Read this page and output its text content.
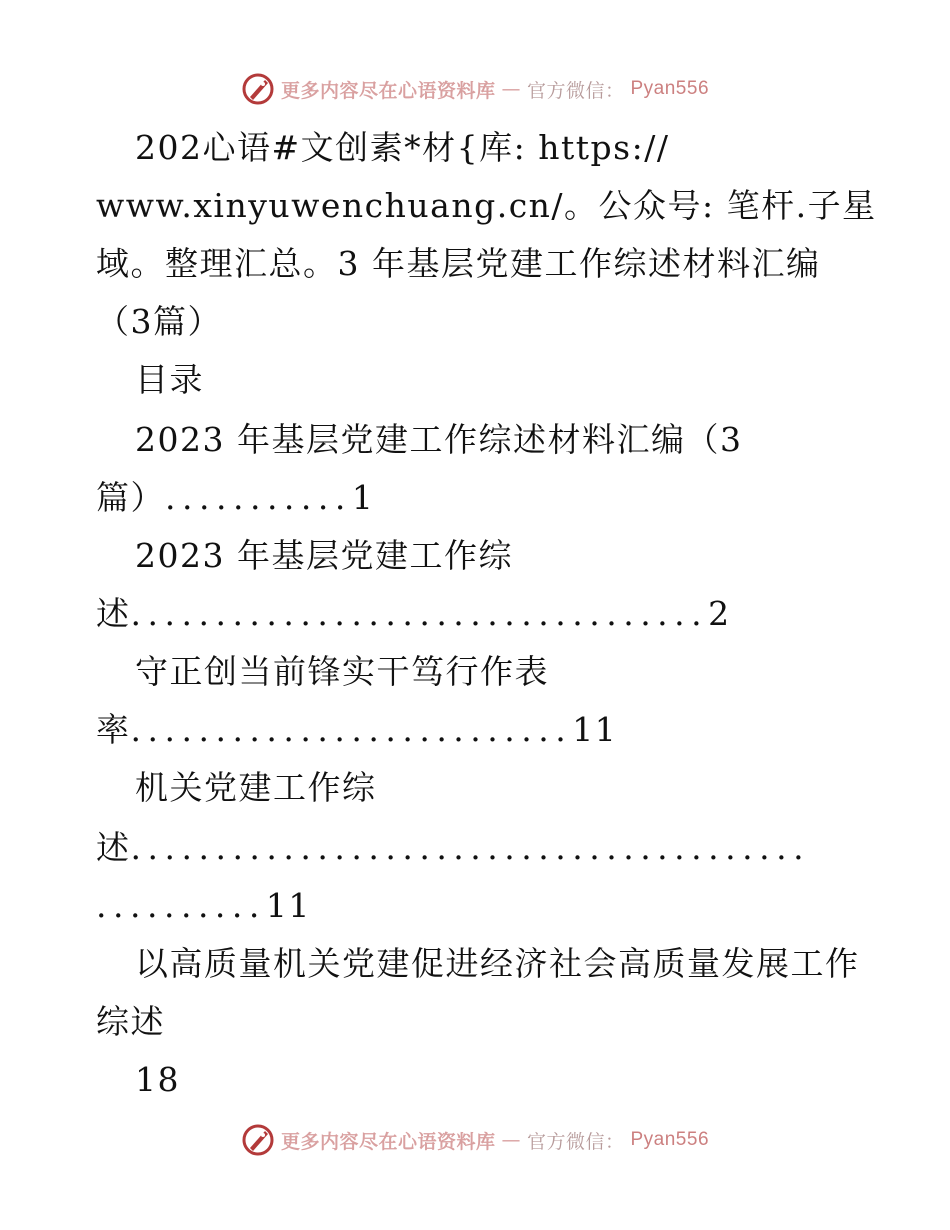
更多内容尽在心语资料库 — 官方微信： Pyan556
202心语#文创素*材{库: https://
www.xinyuwenchuang.cn/。公众号: 笔杆.子星
域。整理汇总。3 年基层党建工作综述材料汇编
（3篇）
目录
2023 年基层党建工作综述材料汇编（3
篇）...........1
2023 年基层党建工作综
述..................................2
守正创当前锋实干笃行作表
率..........................11
机关党建工作综
述........................................
..........11
以高质量机关党建促进经济社会高质量发展工作
综述
18
更多内容尽在心语资料库 — 官方微信： Pyan556
